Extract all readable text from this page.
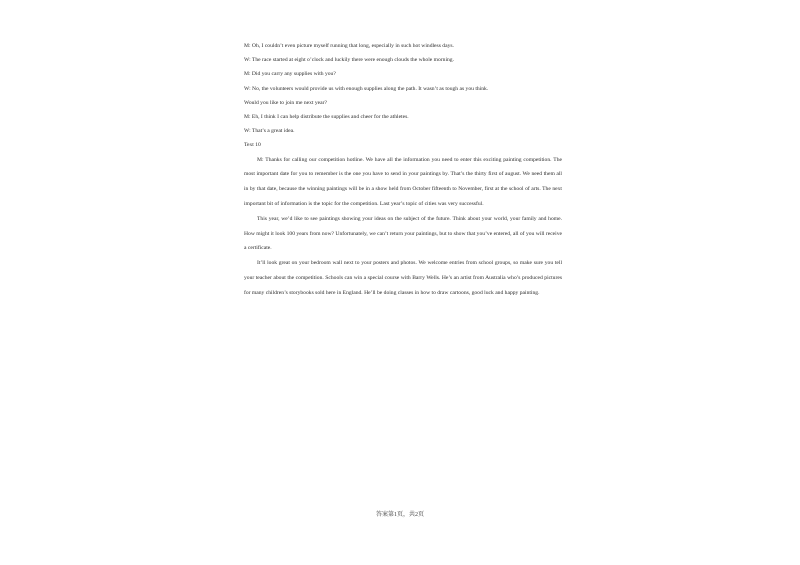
M: Oh, I couldn’t even picture myself running that long, especially in such hot windless days.
W: The race started at eight o’clock and luckily there were enough clouds the whole morning.
M: Did you carry any supplies with you?
W: No, the volunteers would provide us with enough supplies along the path. It wasn’t as tough as you think.
Would you like to join me next year?
M: Eh, I think I can help distribute the supplies and cheer for the athletes.
W: That’s a great idea.
Text 10
M: Thanks for calling our competition hotline. We have all the information you need to enter this exciting painting competition. The most important date for you to remember is the one you have to send in your paintings by. That’s the thirty first of august. We need them all in by that date, because the winning paintings will be in a show held from October fifteenth to November, first at the school of arts. The next important bit of information is the topic for the competition. Last year’s topic of cities was very successful.
This year, we’d like to see paintings showing your ideas on the subject of the future. Think about your world, your family and home. How might it look 100 years from now? Unfortunately, we can’t return your paintings, but to show that you’ve entered, all of you will receive a certificate.
It’ll look great on your bedroom wall next to your posters and photos. We welcome entries from school groups, so make sure you tell your teacher about the competition. Schools can win a special course with Barry Wells. He’s an artist from Australia who’s produced pictures for many children’s storybooks sold here in England. He’ll be doing classes in how to draw cartoons, good luck and happy painting.
答案第1页，共2页
